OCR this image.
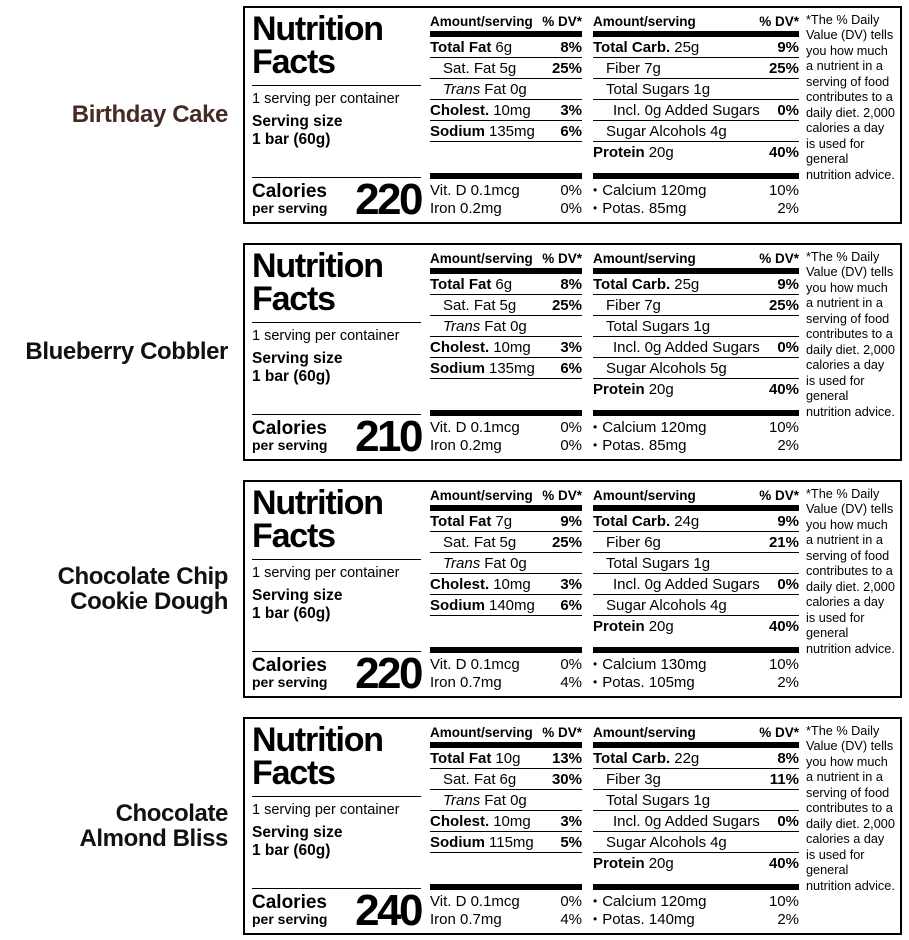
Birthday Cake
Nutrition
Facts
1 serving per container
Serving size
1 bar (60g)
Calories
per serving 220
Amount/serving % DV*
Total Fat 6g	8%
Sat. Fat 5g 25%
Trans Fat 0g
Cholest. 10mg 3%
Sodium 135mg 6%
Vit. D 0.1mcg	0%
Iron 0.2mg	0%
Amount/serving	% DV*
Total Carb. 25g	9%
Fiber 7g	25%
Total Sugars 1g
Incl. 0g Added Sugars 0%
Sugar Alcohols 4g
Protein 20g	40%
• Calcium 120mg	10%
• Potas. 85mg	2%
*The % Daily Value (DV) tells you how much a nutrient in a serving of food contributes to a daily diet. 2,000 calories a day is used for general nutrition advice.
Blueberry Cobbler
Nutrition
Facts
1 serving per container
Serving size
1 bar (60g)
Calories
per serving 210
Amount/serving % DV*
Total Fat 6g	8%
Sat. Fat 5g 25%
Trans Fat 0g
Cholest. 10mg 3%
Sodium 135mg 6%
Vit. D 0.1mcg	0%
Iron 0.2mg	0%
Amount/serving	% DV*
Total Carb. 25g	9%
Fiber 7g	25%
Total Sugars 1g
Incl. 0g Added Sugars 0%
Sugar Alcohols 5g
Protein 20g	40%
• Calcium 120mg	10%
• Potas. 85mg	2%
*The % Daily Value (DV) tells you how much a nutrient in a serving of food contributes to a daily diet. 2,000 calories a day is used for general nutrition advice.
Chocolate Chip
Cookie Dough
Nutrition
Facts
1 serving per container
Serving size
1 bar (60g)
Calories
per serving 220
Amount/serving % DV*
Total Fat 7g	9%
Sat. Fat 5g 25%
Trans Fat 0g
Cholest. 10mg 3%
Sodium 140mg 6%
Vit. D 0.1mcg	0%
Iron 0.7mg	4%
Amount/serving	% DV*
Total Carb. 24g	9%
Fiber 6g	21%
Total Sugars 1g
Incl. 0g Added Sugars 0%
Sugar Alcohols 4g
Protein 20g	40%
• Calcium 130mg	10%
• Potas. 105mg	2%
*The % Daily Value (DV) tells you how much a nutrient in a serving of food contributes to a daily diet. 2,000 calories a day is used for general nutrition advice.
Chocolate
Almond Bliss
Nutrition
Facts
1 serving per container
Serving size
1 bar (60g)
Calories
per serving 240
Amount/serving % DV*
Total Fat 10g 13%
Sat. Fat 6g 30%
Trans Fat 0g
Cholest. 10mg 3%
Sodium 115mg 5%
Vit. D 0.1mcg	0%
Iron 0.7mg	4%
Amount/serving	% DV*
Total Carb. 22g	8%
Fiber 3g	11%
Total Sugars 1g
Incl. 0g Added Sugars 0%
Sugar Alcohols 4g
Protein 20g	40%
• Calcium 120mg	10%
• Potas. 140mg	2%
*The % Daily Value (DV) tells you how much a nutrient in a serving of food contributes to a daily diet. 2,000 calories a day is used for general nutrition advice.
